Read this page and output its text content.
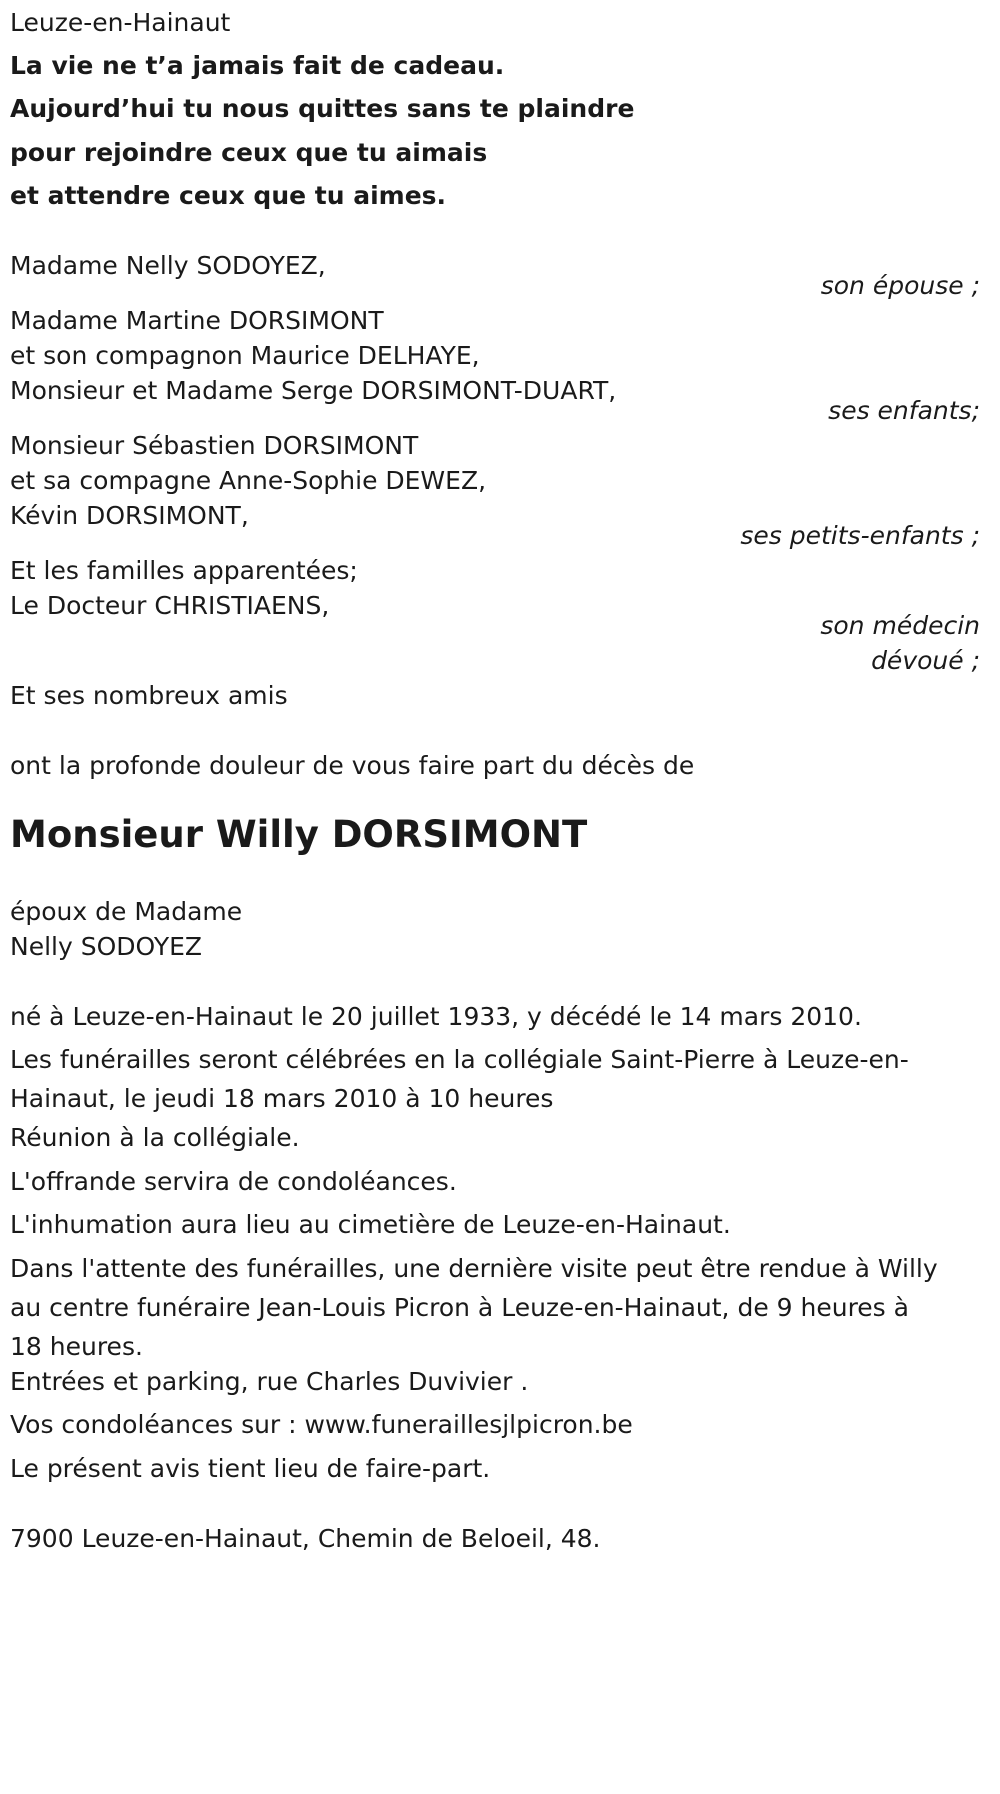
Leuze-en-Hainaut
La vie ne t’a jamais fait de cadeau.
Aujourd’hui tu nous quittes sans te plaindre
pour rejoindre ceux que tu aimais
et attendre ceux que tu aimes.
Madame Nelly SODOYEZ,
son épouse ;
Madame Martine DORSIMONT
et son compagnon Maurice DELHAYE,
Monsieur et Madame Serge DORSIMONT-DUART,
ses enfants;
Monsieur Sébastien DORSIMONT
et sa compagne Anne-Sophie DEWEZ,
Kévin DORSIMONT,
ses petits-enfants ;
Et les familles apparentées;
Le Docteur CHRISTIAENS,
son médecin
dévoué ;
Et ses nombreux amis
ont la profonde douleur de vous faire part du décès de
Monsieur Willy DORSIMONT
époux de Madame
Nelly SODOYEZ
né à Leuze-en-Hainaut le 20 juillet 1933, y décédé le 14 mars 2010.
Les funérailles seront célébrées en la collégiale Saint-Pierre à Leuze-en-Hainaut, le jeudi 18 mars 2010 à 10 heures
Réunion à la collégiale.
L'offrande servira de condoléances.
L'inhumation aura lieu au cimetière de Leuze-en-Hainaut.
Dans l'attente des funérailles, une dernière visite peut être rendue à Willy au centre funéraire Jean-Louis Picron à Leuze-en-Hainaut, de 9 heures à 18 heures.
Entrées et parking, rue Charles Duvivier .
Vos condoléances sur : www.funeraillesjlpicron.be
Le présent avis tient lieu de faire-part.
7900 Leuze-en-Hainaut, Chemin de Beloeil, 48.
